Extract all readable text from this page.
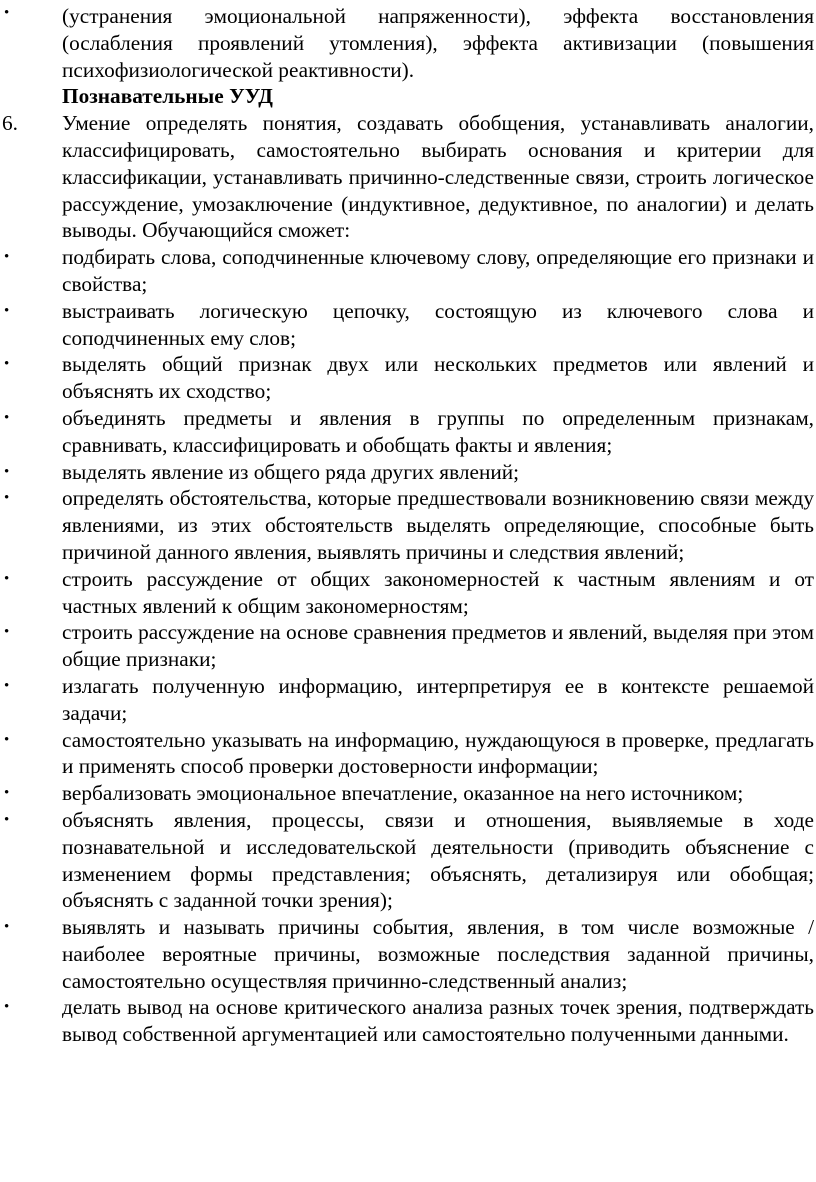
•	(устранения эмоциональной напряженности), эффекта восстановления (ослабления проявлений утомления), эффекта активизации (повышения психофизиологической реактивности).
Познавательные УУД
6. Умение определять понятия, создавать обобщения, устанавливать аналогии, классифицировать, самостоятельно выбирать основания и критерии для классификации, устанавливать причинно-следственные связи, строить логическое рассуждение, умозаключение (индуктивное, дедуктивное, по аналогии) и делать выводы. Обучающийся сможет:
•	подбирать слова, соподчиненные ключевому слову, определяющие его признаки и свойства;
•	выстраивать логическую цепочку, состоящую из ключевого слова и соподчиненных ему слов;
•	выделять общий признак двух или нескольких предметов или явлений и объяснять их сходство;
•	объединять предметы и явления в группы по определенным признакам, сравнивать, классифицировать и обобщать факты и явления;
•	выделять явление из общего ряда других явлений;
•	определять обстоятельства, которые предшествовали возникновению связи между явлениями, из этих обстоятельств выделять определяющие, способные быть причиной данного явления, выявлять причины и следствия явлений;
•	строить рассуждение от общих закономерностей к частным явлениям и от частных явлений к общим закономерностям;
•	строить рассуждение на основе сравнения предметов и явлений, выделяя при этом общие признаки;
•	излагать полученную информацию, интерпретируя ее в контексте решаемой задачи;
•	самостоятельно указывать на информацию, нуждающуюся в проверке, предлагать и применять способ проверки достоверности информации;
•	вербализовать эмоциональное впечатление, оказанное на него источником;
•	объяснять явления, процессы, связи и отношения, выявляемые в ходе познавательной и исследовательской деятельности (приводить объяснение с изменением формы представления; объяснять, детализируя или обобщая; объяснять с заданной точки зрения);
•	выявлять и называть причины события, явления, в том числе возможные /наиболее вероятные причины, возможные последствия заданной причины, самостоятельно осуществляя причинно-следственный анализ;
•	делать вывод на основе критического анализа разных точек зрения, подтверждать вывод собственной аргументацией или самостоятельно полученными данными.
